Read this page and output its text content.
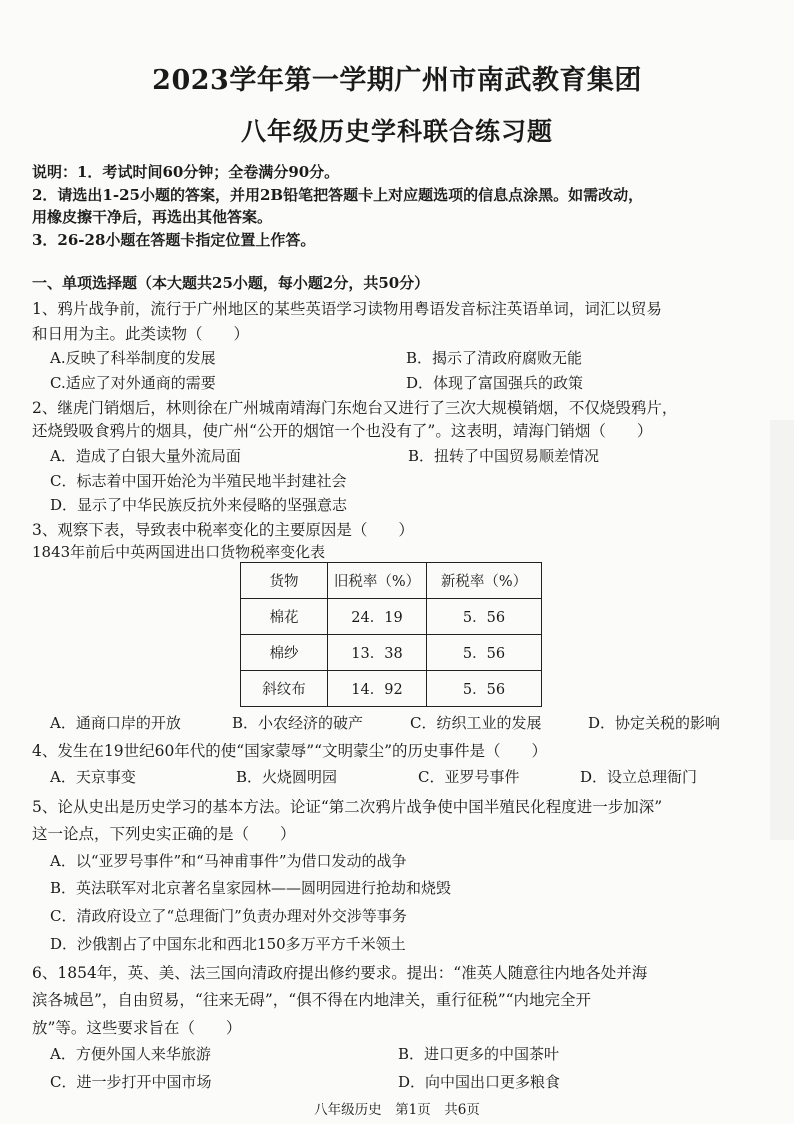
2023学年第一学期广州市南武教育集团
八年级历史学科联合练习题
说明：1．考试时间60分钟；全卷满分90分。
2．请选出1-25小题的答案，并用2B铅笔把答题卡上对应题选项的信息点涂黑。如需改动，
用橡皮擦干净后，再选出其他答案。
3．26-28小题在答题卡指定位置上作答。
一、单项选择题（本大题共25小题，每小题2分，共50分）
1、鸦片战争前，流行于广州地区的某些英语学习读物用粤语发音标注英语单词，词汇以贸易
和日用为主。此类读物（　　）
A.反映了科举制度的发展	B．揭示了清政府腐败无能
C.适应了对外通商的需要	D．体现了富国强兵的政策
2、继虎门销烟后，林则徐在广州城南靖海门东炮台又进行了三次大规模销烟，不仅烧毁鸦片，
还烧毁吸食鸦片的烟具，使广州“公开的烟馆一个也没有了”。这表明，靖海门销烟（　　）
A．造成了白银大量外流局面	B．扭转了中国贸易顺差情况
C．标志着中国开始沦为半殖民地半封建社会
D．显示了中华民族反抗外来侵略的坚强意志
3、观察下表，导致表中税率变化的主要原因是（　　）
1843年前后中英两国进出口货物税率变化表
货物	旧税率（%）	新税率（%）
棉花	24．19	5．56
棉纱	13．38	5．56
斜纹布	14．92	5．56
A．通商口岸的开放	B．小农经济的破产	C．纺织工业的发展	D．协定关税的影响
4、发生在19世纪60年代的使“国家蒙辱”“文明蒙尘”的历史事件是（　　）
A．天京事变	B．火烧圆明园	C．亚罗号事件	D．设立总理衙门
5、论从史出是历史学习的基本方法。论证“第二次鸦片战争使中国半殖民化程度进一步加深”
这一论点，下列史实正确的是（　　）
A．以“亚罗号事件”和“马神甫事件”为借口发动的战争
B．英法联军对北京著名皇家园林——圆明园进行抢劫和烧毁
C．清政府设立了“总理衙门”负责办理对外交涉等事务
D．沙俄割占了中国东北和西北150多万平方千米领土
6、1854年，英、美、法三国向清政府提出修约要求。提出：“准英人随意往内地各处并海
滨各城邑”，自由贸易，“往来无碍”，“俱不得在内地津关，重行征税”“内地完全开
放”等。这些要求旨在（　　）
A．方便外国人来华旅游	B．进口更多的中国茶叶
C．进一步打开中国市场	D．向中国出口更多粮食
八年级历史　第1页　共6页
